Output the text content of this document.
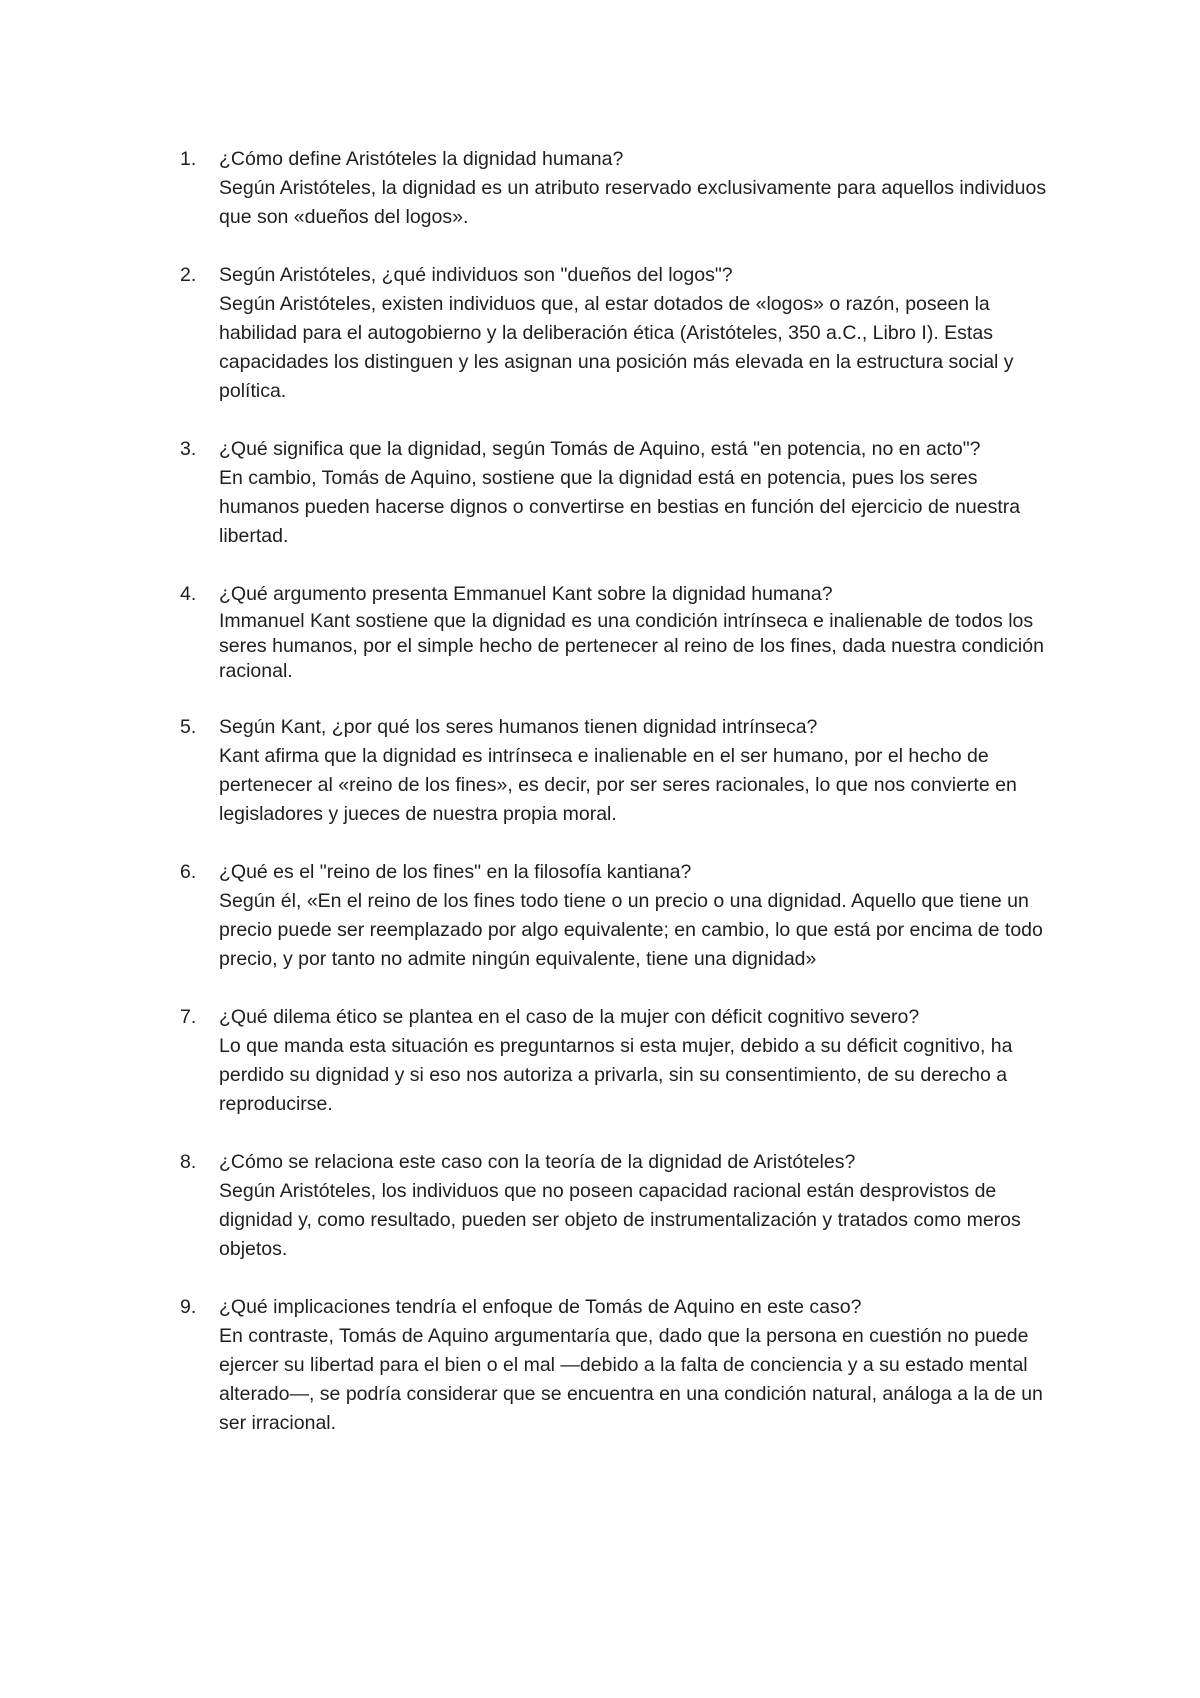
1.	¿Cómo define Aristóteles la dignidad humana?
Según Aristóteles, la dignidad es un atributo reservado exclusivamente para aquellos individuos que son «dueños del logos».
2.	Según Aristóteles, ¿qué individuos son "dueños del logos"?
Según Aristóteles, existen individuos que, al estar dotados de «logos» o razón, poseen la habilidad para el autogobierno y la deliberación ética (Aristóteles, 350 a.C., Libro I). Estas capacidades los distinguen y les asignan una posición más elevada en la estructura social y política.
3.	¿Qué significa que la dignidad, según Tomás de Aquino, está "en potencia, no en acto"?
En cambio, Tomás de Aquino, sostiene que la dignidad está en potencia, pues los seres humanos pueden hacerse dignos o convertirse en bestias en función del ejercicio de nuestra libertad.
4.	¿Qué argumento presenta Emmanuel Kant sobre la dignidad humana?
Immanuel Kant sostiene que la dignidad es una condición intrínseca e inalienable de todos los seres humanos, por el simple hecho de pertenecer al reino de los fines, dada nuestra condición racional.
5.	Según Kant, ¿por qué los seres humanos tienen dignidad intrínseca?
Kant afirma que la dignidad es intrínseca e inalienable en el ser humano, por el hecho de pertenecer al «reino de los fines», es decir, por ser seres racionales, lo que nos convierte en legisladores y jueces de nuestra propia moral.
6.	¿Qué es el "reino de los fines" en la filosofía kantiana?
Según él, «En el reino de los fines todo tiene o un precio o una dignidad. Aquello que tiene un precio puede ser reemplazado por algo equivalente; en cambio, lo que está por encima de todo precio, y por tanto no admite ningún equivalente, tiene una dignidad»
7.	¿Qué dilema ético se plantea en el caso de la mujer con déficit cognitivo severo?
Lo que manda esta situación es preguntarnos si esta mujer, debido a su déficit cognitivo, ha perdido su dignidad y si eso nos autoriza a privarla, sin su consentimiento, de su derecho a reproducirse.
8.	¿Cómo se relaciona este caso con la teoría de la dignidad de Aristóteles?
Según Aristóteles, los individuos que no poseen capacidad racional están desprovistos de dignidad y, como resultado, pueden ser objeto de instrumentalización y tratados como meros objetos.
9.	¿Qué implicaciones tendría el enfoque de Tomás de Aquino en este caso?
En contraste, Tomás de Aquino argumentaría que, dado que la persona en cuestión no puede ejercer su libertad para el bien o el mal —debido a la falta de conciencia y a su estado mental alterado—, se podría considerar que se encuentra en una condición natural, análoga a la de un ser irracional.
